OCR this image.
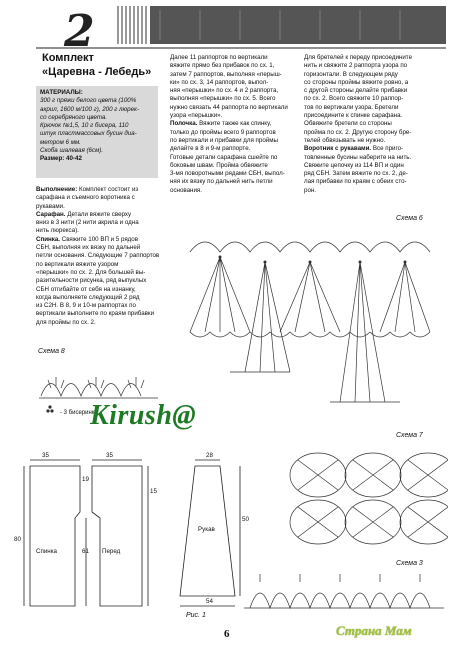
2
Комплект
«Царевна - Лебедь»
МАТЕРИАЛЫ:
300 г пряжи белого цвета (100%
акрил, 1600 м/100 г), 200 г люрек-
со серебряного цвета.
Крючок №1,5, 10 г бисера, 110
штук пластмассовых бусин диа-
метром 6 мм.
Скоба шалевая (6см).
Размер: 40-42
Выполнение: Комплект состоит из
сарафана и съемного воротника с
рукавами.
Сарафан. Детали вяжите сверху
вниз в 3 нити (2 нити акрила и одна
нить люрекса).
Спинка. Свяжите 100 ВП и 5 рядов
СБН, выполняя их вязку по дальней
петли основания. Следующие 7 раппортов
по вертикали вяжите узором
«перышки» по сх. 2. Для большей вы-
разительности рисунка, ряд выпуклых
СБН отгибайте от себя на изнанку,
когда выполняете следующий 2 ряд
из С2Н. В 8, 9 и 10-м раппортах по
вертикали выполните по краям прибавки
для проймы по сх. 2.
Далее 11 раппортов по вертикали
вяжите прямо без прибавок по сх. 1,
затем 7 раппортов, выполняя «перыш-
ки» по сх. 3, 14 раппортов, выпол-
няя «перышки» по сх. 4 и 2 раппорта,
выполняя «перышки» по сх. 5. Всего
нужно связать 44 раппорта по вертикали
узора «перышки».
Полочка. Вяжите также как спинку,
только до проймы всего 9 раппортов
по вертикали и прибавки для проймы
делайте в 8 и 9-м раппорте.
Готовые детали сарафана сшейте по
боковым швам. Пройма обвяжите
3-мя поворотными рядами СБН, выпол-
няя их вязку по дальней нить петли
основания.
Для бретелей к переду присоедините
нить и свяжите 2 раппорта узора по
горизонтали. В следующем ряду
со стороны проймы вяжите ровно, а
с другой стороны делайте прибавки
по сх. 2. Всего свяжите 10 раппор-
тов по вертикали узора. Бретели
присоедините к спинке сарафана.
Обвяжите бретели со стороны
пройма по сх. 2. Другую сторону бре-
телей обвязывать не нужно.
Воротник с рукавами. Все приго-
товленные бусины наберите на нить.
Свяжите цепочку из 114 ВП и один
ряд СБН. Затем вяжите по сх. 2, де-
лая прибавки по краям с обеих сто-
рон.
Схема 6
Схема 8
Схема 7
Схема 3
- 3 бисеринки
Kirush@
35	35	28
80
19
61
15
50
54
Спинка	Перед
Рукав
Рис. 1
6	Страна Мам
